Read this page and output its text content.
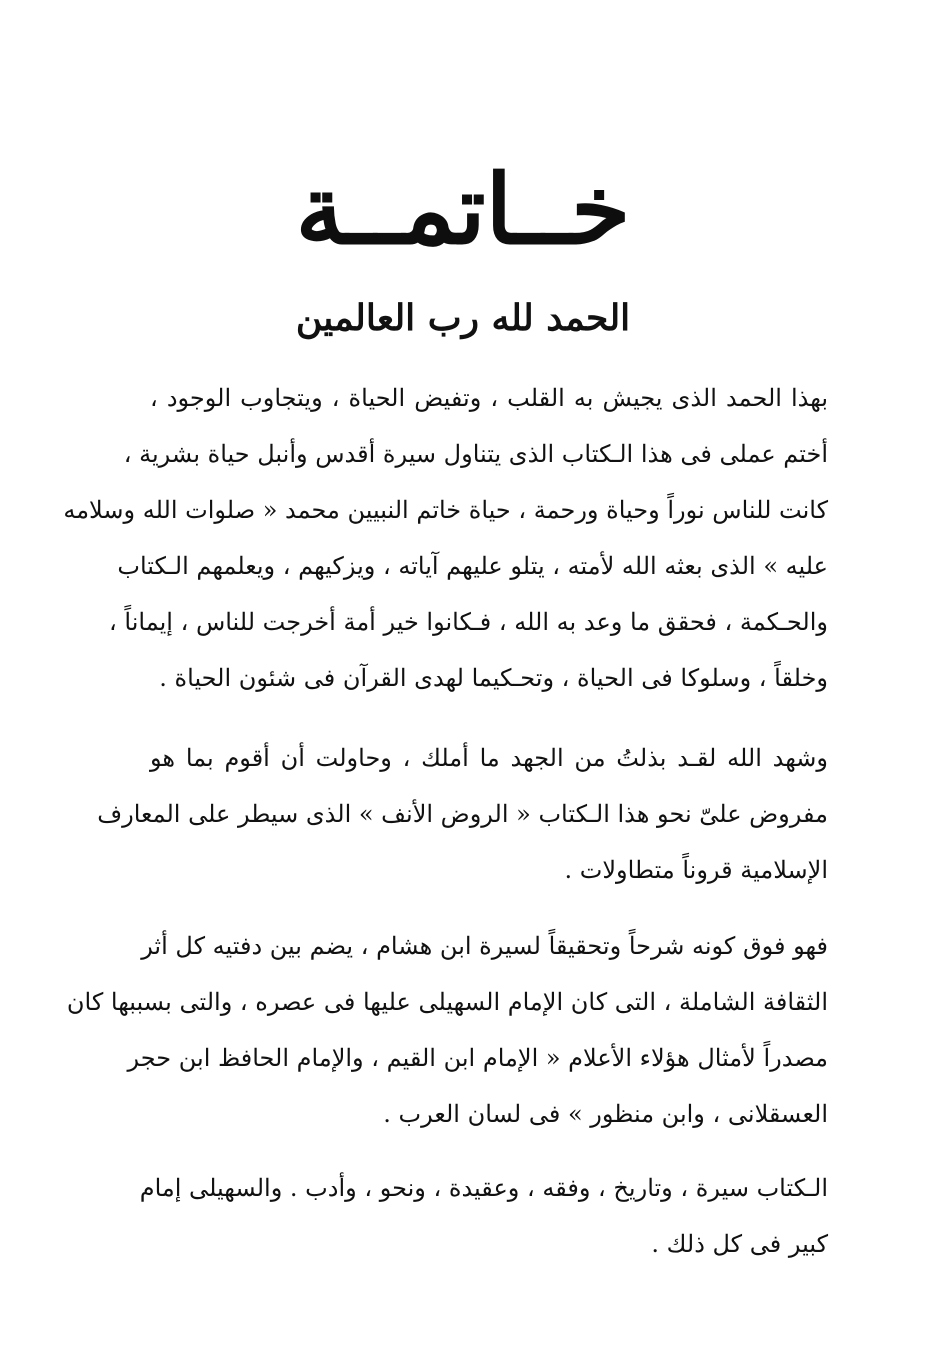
خــاتمــة
الحمد لله رب العالمين
بهذا الحمد الذى يجيش به القلب ، وتفيض الحياة ، ويتجاوب الوجود ،
أختم عملى فى هذا الـكتاب الذى يتناول سيرة أقدس وأنبل حياة بشرية ،
كانت للناس نوراً وحياة ورحمة ، حياة خاتم النبيين محمد « صلوات الله وسلامه
عليه » الذى بعثه الله لأمته ، يتلو عليهم آياته ، ويزكيهم ، ويعلمهم الـكتاب
والحـكمة ، فحقق ما وعد به الله ، فـكانوا خير أمة أخرجت للناس ، إيماناً ،
وخلقاً ، وسلوكا فى الحياة ، وتحـكيما لهدى القرآن فى شئون الحياة .
وشهد الله لقـد بذلتُ من الجهد ما أملك ، وحاولت أن أقوم بما هو
مفروض علىّ نحو هذا الـكتاب « الروض الأنف » الذى سيطر على المعارف
الإسلامية قروناً متطاولات .
فهو فوق كونه شرحاً وتحقيقاً لسيرة ابن هشام ، يضم بين دفتيه كل أثر
الثقافة الشاملة ، التى كان الإمام السهيلى عليها فى عصره ، والتى بسببها كان
مصدراً لأمثال هؤلاء الأعلام « الإمام ابن القيم ، والإمام الحافظ ابن حجر
العسقلانى ، وابن منظور » فى لسان العرب .
الـكتاب سيرة ، وتاريخ ، وفقه ، وعقيدة ، ونحو ، وأدب . والسهيلى إمام
كبير فى كل ذلك .
